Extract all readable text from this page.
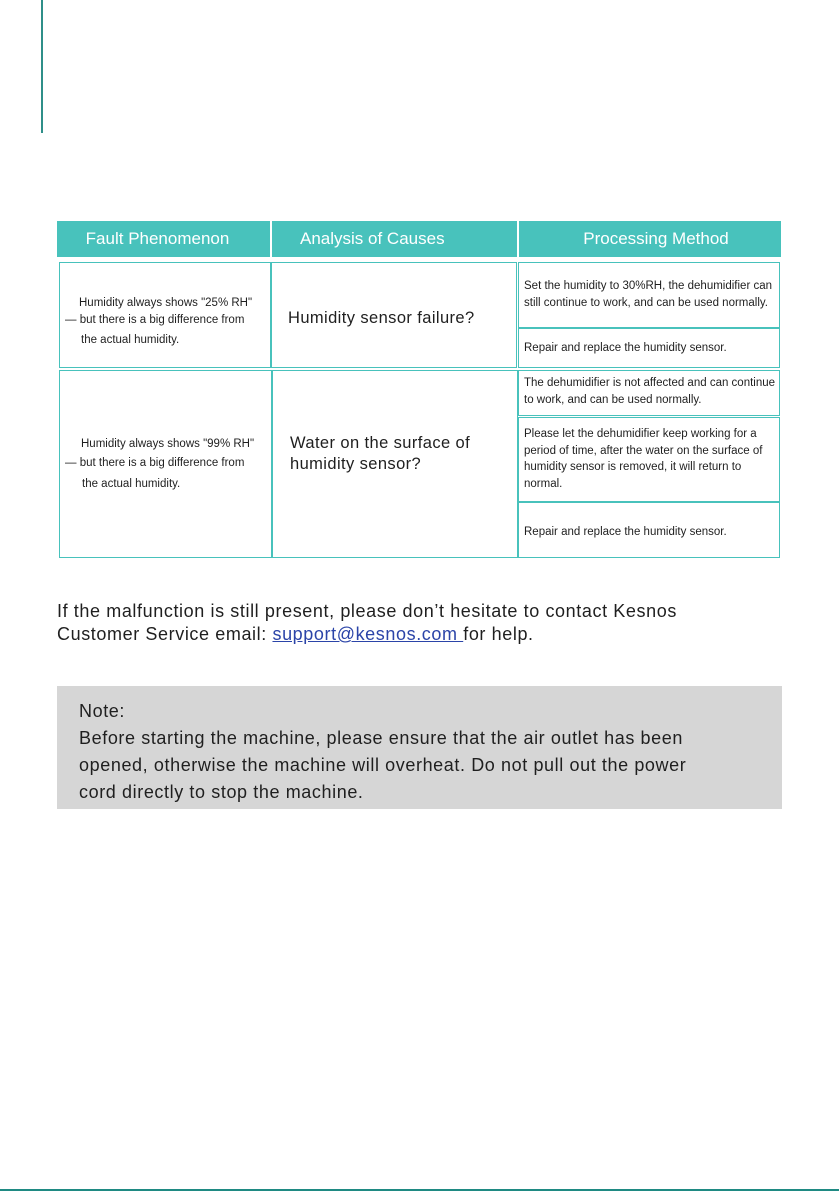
Fault Phenomenon	Analysis of Causes	Processing Method
Humidity always shows "25% RH"
— but there is a big difference from
the actual humidity.
Humidity sensor failure?
Set the humidity to 30%RH, the dehumidifier can still continue to work, and can be used normally.
Repair and replace the humidity sensor.
Humidity always shows "99% RH"
— but there is a big difference from
the actual humidity.
Water on the surface of
humidity sensor?
The dehumidifier is not affected and can continue to work, and can be used normally.
Please let the dehumidifier keep working for a period of time, after the water on the surface of humidity sensor is removed, it will return to normal.
Repair and replace the humidity sensor.
If the malfunction is still present, please don’t hesitate to contact Kesnos
Customer Service email: support@kesnos.com for help.
Note:
Before starting the machine, please ensure that the air outlet has been
opened, otherwise the machine will overheat. Do not pull out the power
cord directly to stop the machine.
